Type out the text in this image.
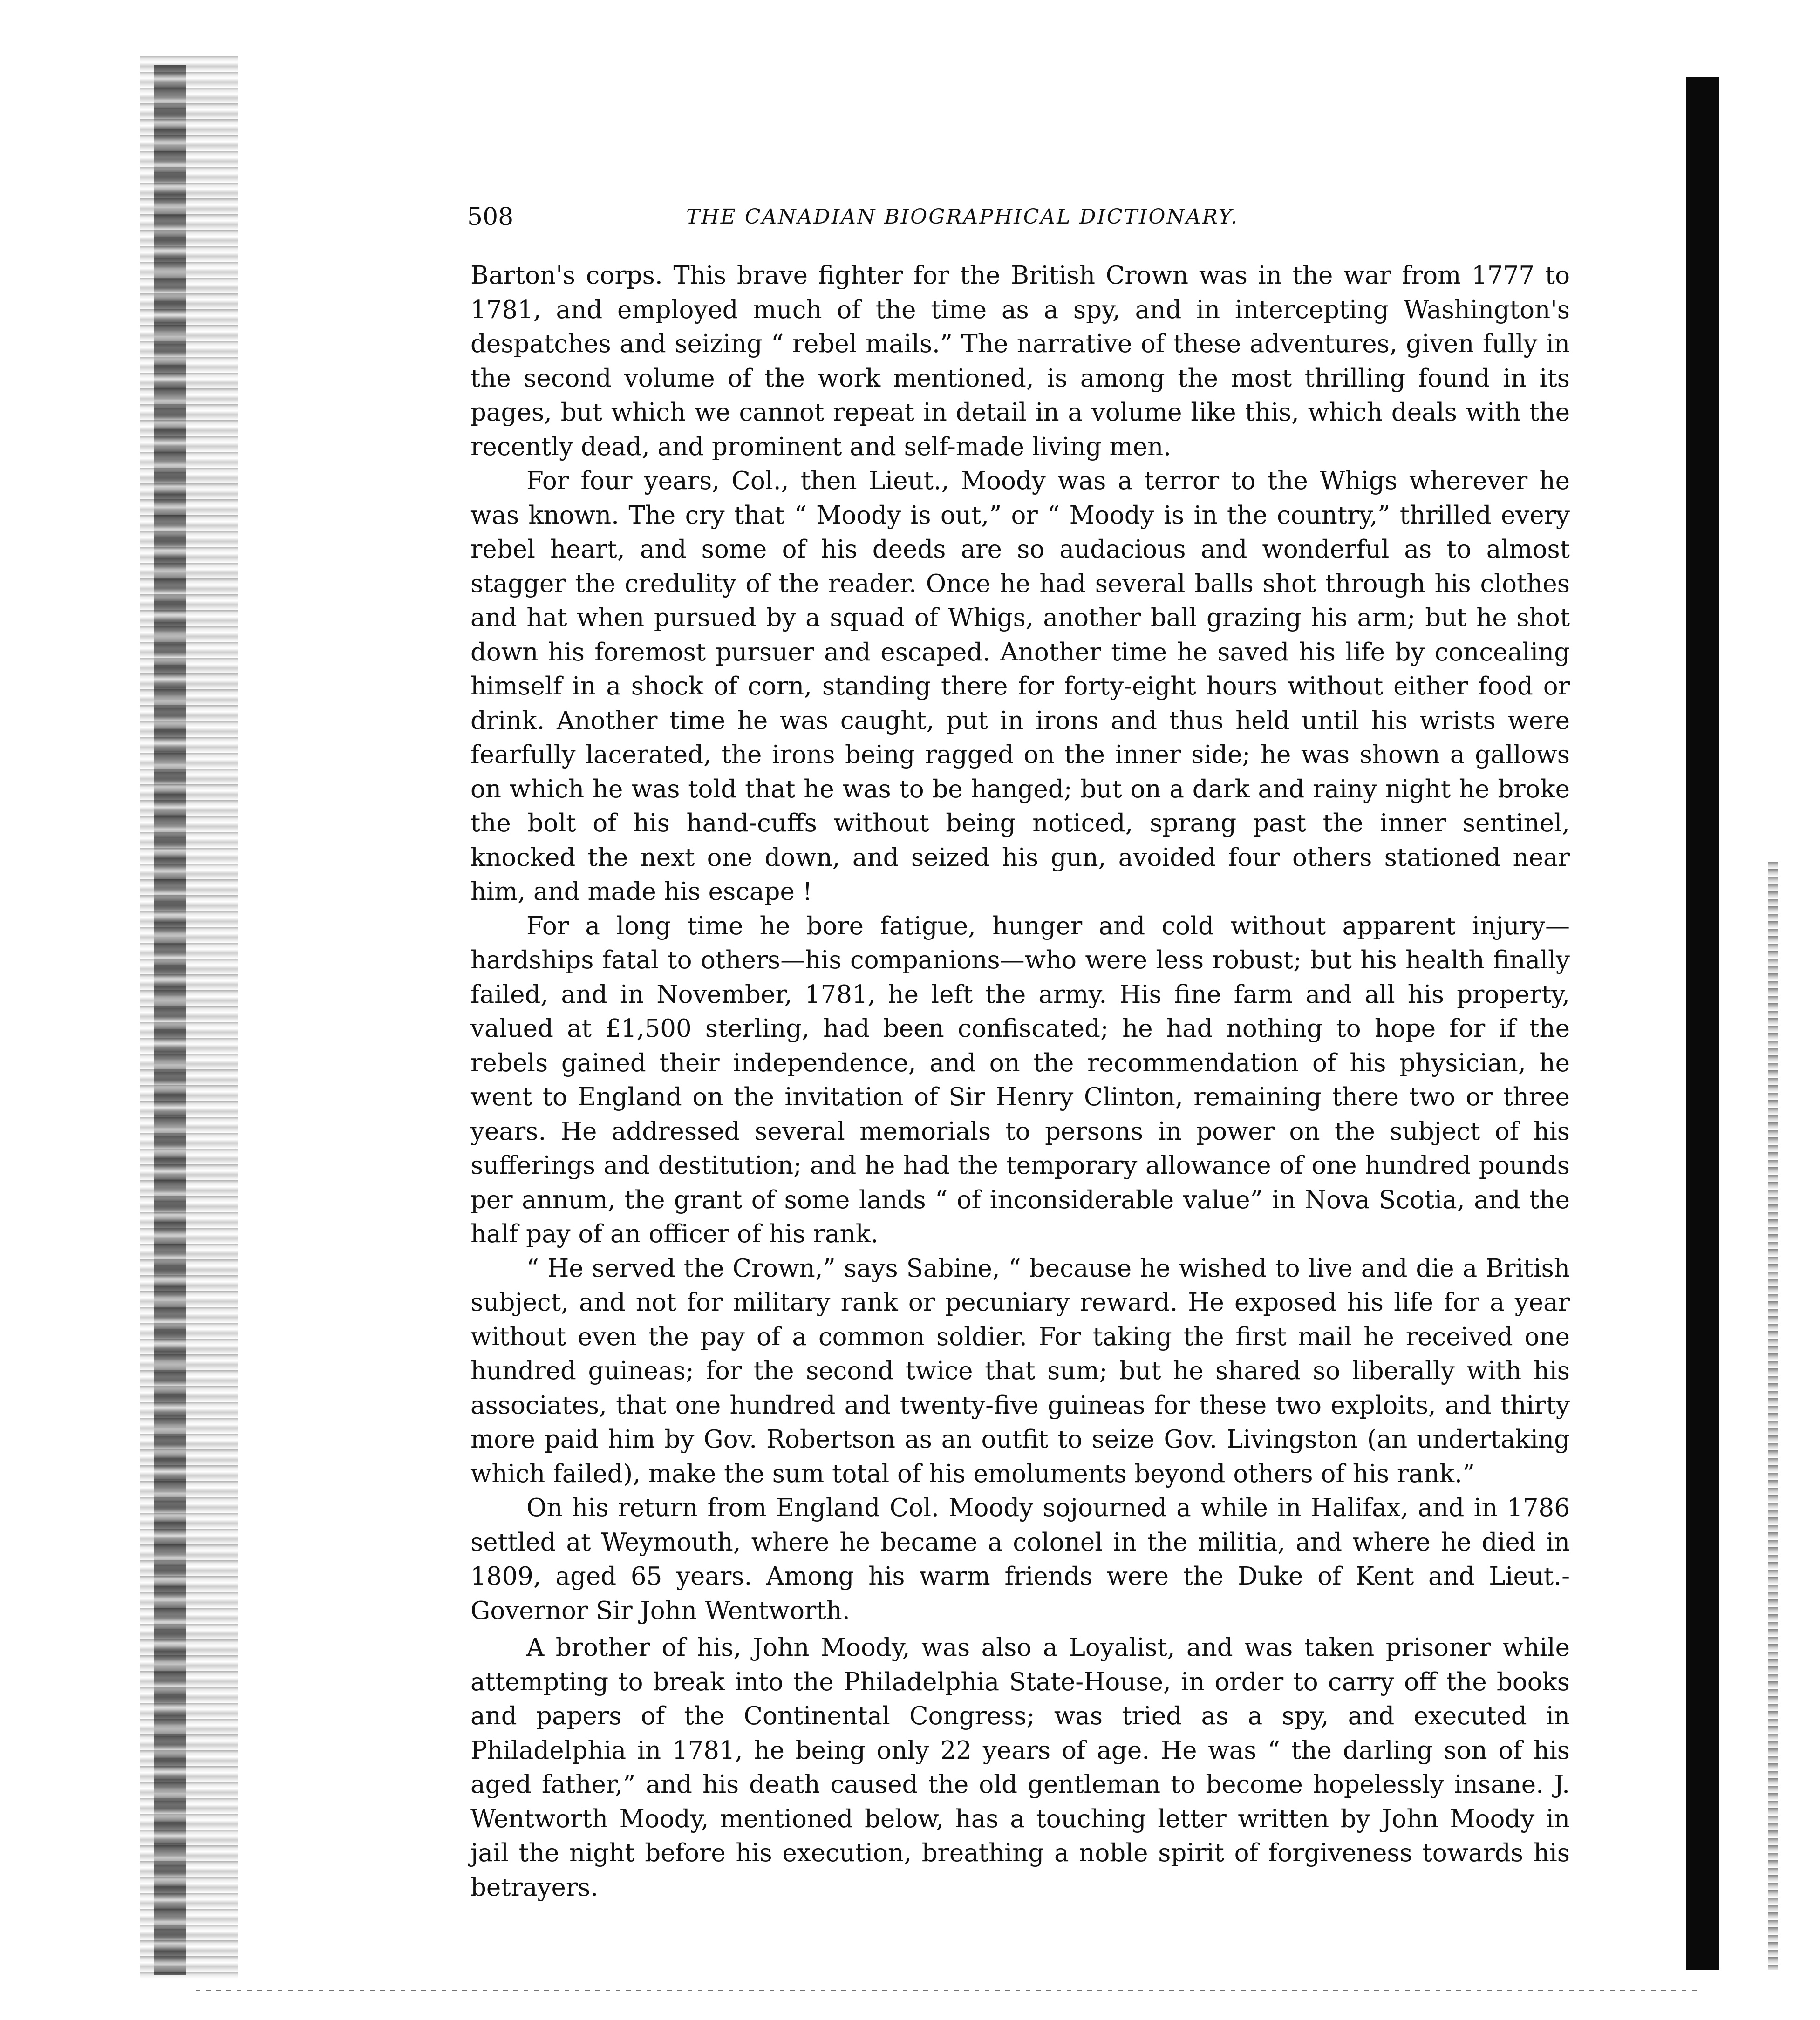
508	THE CANADIAN BIOGRAPHICAL DICTIONARY.

Barton's corps. This brave fighter for the British Crown was in the war from 1777 to 1781, and employed much of the time as a spy, and in intercepting Washington's despatches and seizing “ rebel mails.” The narrative of these adventures, given fully in the second volume of the work mentioned, is among the most thrilling found in its pages, but which we cannot repeat in detail in a volume like this, which deals with the recently dead, and prominent and self-made living men.

For four years, Col., then Lieut., Moody was a terror to the Whigs wherever he was known. The cry that “ Moody is out,” or “ Moody is in the country,” thrilled every rebel heart, and some of his deeds are so audacious and wonderful as to almost stagger the credulity of the reader. Once he had several balls shot through his clothes and hat when pursued by a squad of Whigs, another ball grazing his arm; but he shot down his foremost pursuer and escaped. Another time he saved his life by concealing himself in a shock of corn, standing there for forty-eight hours without either food or drink. Another time he was caught, put in irons and thus held until his wrists were fearfully lacerated, the irons being ragged on the inner side; he was shown a gallows on which he was told that he was to be hanged; but on a dark and rainy night he broke the bolt of his hand-cuffs without being noticed, sprang past the inner sentinel, knocked the next one down, and seized his gun, avoided four others stationed near him, and made his escape !

For a long time he bore fatigue, hunger and cold without apparent injury—hardships fatal to others—his companions—who were less robust; but his health finally failed, and in November, 1781, he left the army. His fine farm and all his property, valued at £1,500 sterling, had been confiscated; he had nothing to hope for if the rebels gained their independence, and on the recommendation of his physician, he went to England on the invitation of Sir Henry Clinton, remaining there two or three years. He addressed several memorials to persons in power on the subject of his sufferings and destitution; and he had the temporary allowance of one hundred pounds per annum, the grant of some lands “ of inconsiderable value” in Nova Scotia, and the half pay of an officer of his rank.

“ He served the Crown,” says Sabine, “ because he wished to live and die a British subject, and not for military rank or pecuniary reward. He exposed his life for a year without even the pay of a common soldier. For taking the first mail he received one hundred guineas; for the second twice that sum; but he shared so liberally with his associates, that one hundred and twenty-five guineas for these two exploits, and thirty more paid him by Gov. Robertson as an outfit to seize Gov. Livingston (an undertaking which failed), make the sum total of his emoluments beyond others of his rank.”

On his return from England Col. Moody sojourned a while in Halifax, and in 1786 settled at Weymouth, where he became a colonel in the militia, and where he died in 1809, aged 65 years. Among his warm friends were the Duke of Kent and Lieut.-Governor Sir John Wentworth.

A brother of his, John Moody, was also a Loyalist, and was taken prisoner while attempting to break into the Philadelphia State-House, in order to carry off the books and papers of the Continental Congress; was tried as a spy, and executed in Philadelphia in 1781, he being only 22 years of age. He was “ the darling son of his aged father,” and his death caused the old gentleman to become hopelessly insane. J. Wentworth Moody, mentioned below, has a touching letter written by John Moody in jail the night before his execution, breathing a noble spirit of forgiveness towards his betrayers.
